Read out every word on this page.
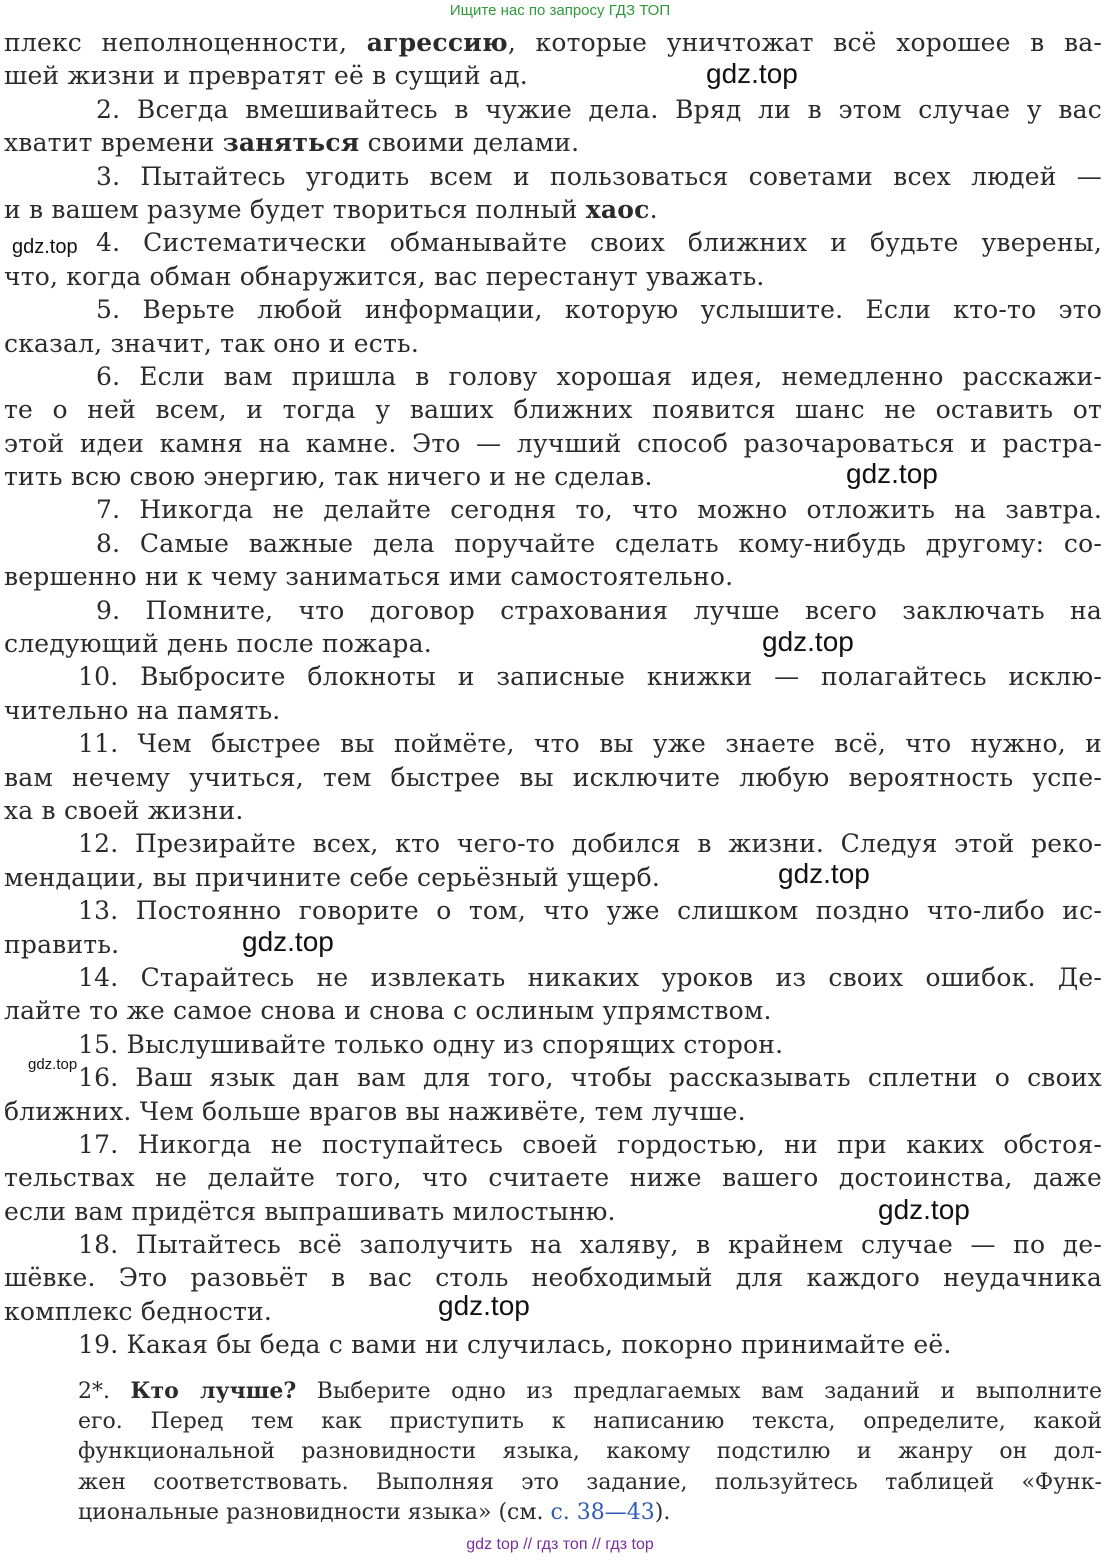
Ищите нас по запросу ГДЗ ТОП
плекс неполноценности, агрессию, которые уничтожат всё хорошее в ва-
шей жизни и превратят её в сущий ад.
2. Всегда вмешивайтесь в чужие дела. Вряд ли в этом случае у вас
хватит времени заняться своими делами.
3. Пытайтесь угодить всем и пользоваться советами всех людей —
и в вашем разуме будет твориться полный хаос.
4. Систематически обманывайте своих ближних и будьте уверены,
что, когда обман обнаружится, вас перестанут уважать.
5. Верьте любой информации, которую услышите. Если кто-то это
сказал, значит, так оно и есть.
6. Если вам пришла в голову хорошая идея, немедленно расскажи-
те о ней всем, и тогда у ваших ближних появится шанс не оставить от
этой идеи камня на камне. Это — лучший способ разочароваться и растра-
тить всю свою энергию, так ничего и не сделав.
7. Никогда не делайте сегодня то, что можно отложить на завтра.
8. Самые важные дела поручайте сделать кому-нибудь другому: со-
вершенно ни к чему заниматься ими самостоятельно.
9. Помните, что договор страхования лучше всего заключать на
следующий день после пожара.
10. Выбросите блокноты и записные книжки — полагайтесь исклю-
чительно на память.
11. Чем быстрее вы поймёте, что вы уже знаете всё, что нужно, и
вам нечему учиться, тем быстрее вы исключите любую вероятность успе-
ха в своей жизни.
12. Презирайте всех, кто чего-то добился в жизни. Следуя этой реко-
мендации, вы причините себе серьёзный ущерб.
13. Постоянно говорите о том, что уже слишком поздно что-либо ис-
править.
14. Старайтесь не извлекать никаких уроков из своих ошибок. Де-
лайте то же самое снова и снова с ослиным упрямством.
15. Выслушивайте только одну из спорящих сторон.
16. Ваш язык дан вам для того, чтобы рассказывать сплетни о своих
ближних. Чем больше врагов вы наживёте, тем лучше.
17. Никогда не поступайтесь своей гордостью, ни при каких обстоя-
тельствах не делайте того, что считаете ниже вашего достоинства, даже
если вам придётся выпрашивать милостыню.
18. Пытайтесь всё заполучить на халяву, в крайнем случае — по де-
шёвке. Это разовьёт в вас столь необходимый для каждого неудачника
комплекс бедности.
19. Какая бы беда с вами ни случилась, покорно принимайте её.
2*. Кто лучше? Выберите одно из предлагаемых вам заданий и выполните
его. Перед тем как приступить к написанию текста, определите, какой
функциональной разновидности языка, какому подстилю и жанру он дол-
жен соответствовать. Выполняя это задание, пользуйтесь таблицей «Функ-
циональные разновидности языка» (см. с. 38—43).
gdz.top
gdz.top
gdz.top
gdz.top
gdz.top
gdz.top
gdz.top
gdz.top
gdz.top
gdz top // гдз топ // гдз top
